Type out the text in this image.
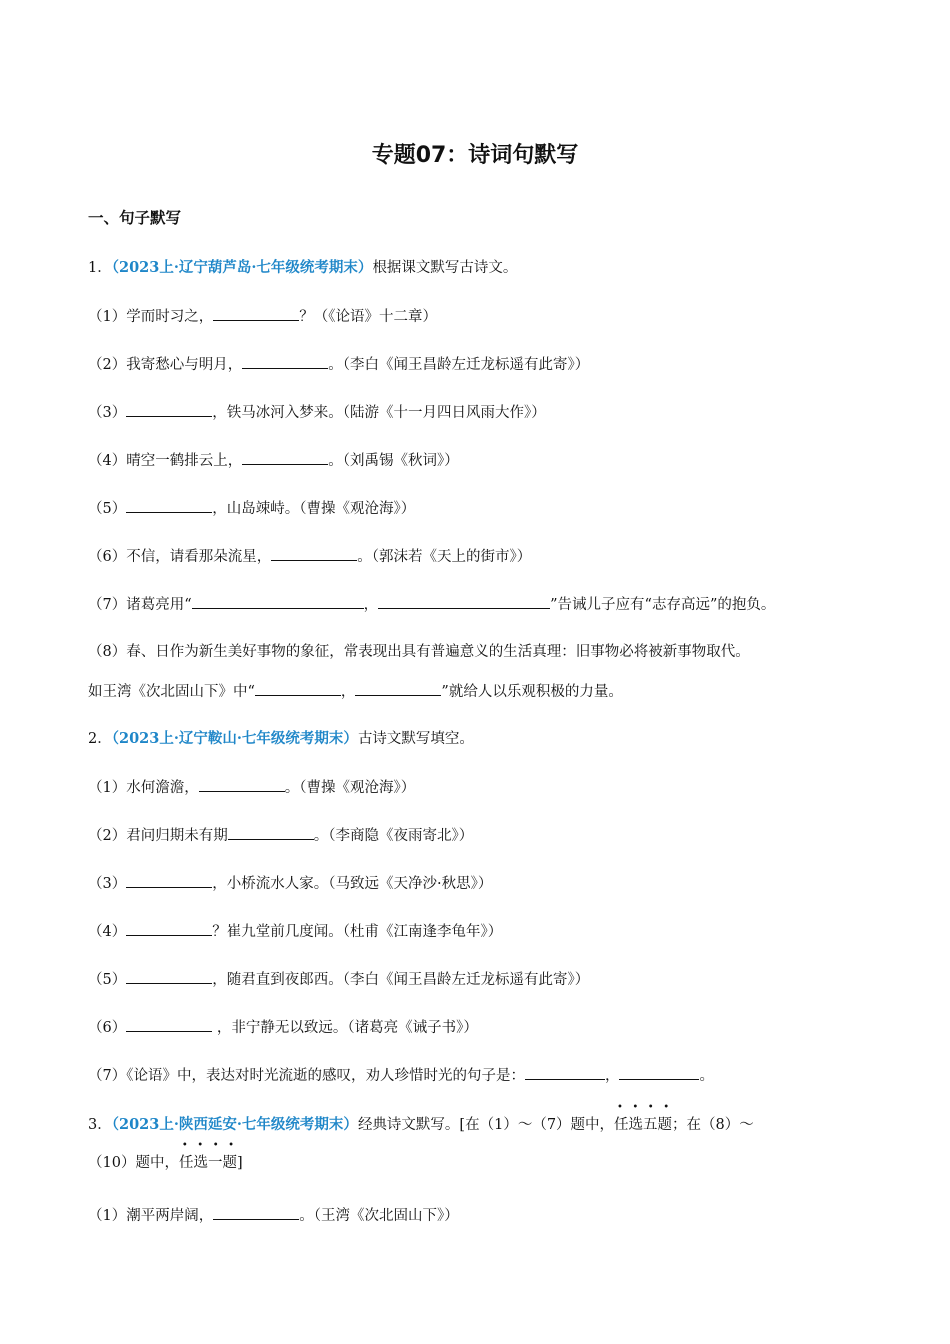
专题07：诗词句默写
一、句子默写
1．（2023上·辽宁葫芦岛·七年级统考期末）根据课文默写古诗文。
（1）学而时习之，	？（《论语》十二章）
（2）我寄愁心与明月，	。（李白《闻王昌龄左迁龙标遥有此寄》）
（3）	，铁马冰河入梦来。（陆游《十一月四日风雨大作》）
（4）晴空一鹤排云上，	。（刘禹锡《秋词》）
（5）	，山岛竦峙。（曹操《观沧海》）
（6）不信，请看那朵流星，	。（郭沫若《天上的街市》）
（7）诸葛亮用“	，	”告诫儿子应有“志存高远”的抱负。
（8）春、日作为新生美好事物的象征，常表现出具有普遍意义的生活真理：旧事物必将被新事物取代。
如王湾《次北固山下》中“	，	”就给人以乐观积极的力量。
2．（2023上·辽宁鞍山·七年级统考期末）古诗文默写填空。
（1）水何澹澹，	。（曹操《观沧海》）
（2）君问归期未有期	。（李商隐《夜雨寄北》）
（3）	，小桥流水人家。（马致远《天净沙·秋思》）
（4）	？崔九堂前几度闻。（杜甫《江南逢李龟年》）
（5）	，随君直到夜郎西。（李白《闻王昌龄左迁龙标遥有此寄》）
（6）	，非宁静无以致远。（诸葛亮《诫子书》）
（7）《论语》中，表达对时光流逝的感叹，劝人珍惜时光的句子是：	，	。
3．（2023上·陕西延安·七年级统考期末）经典诗文默写。[在（1）～（7）题中，
•   •   •   •
任选五题；在（8）～
（10）题中，
•   •   •   •
任选一题]
（1）潮平两岸阔，	。（王湾《次北固山下》）
